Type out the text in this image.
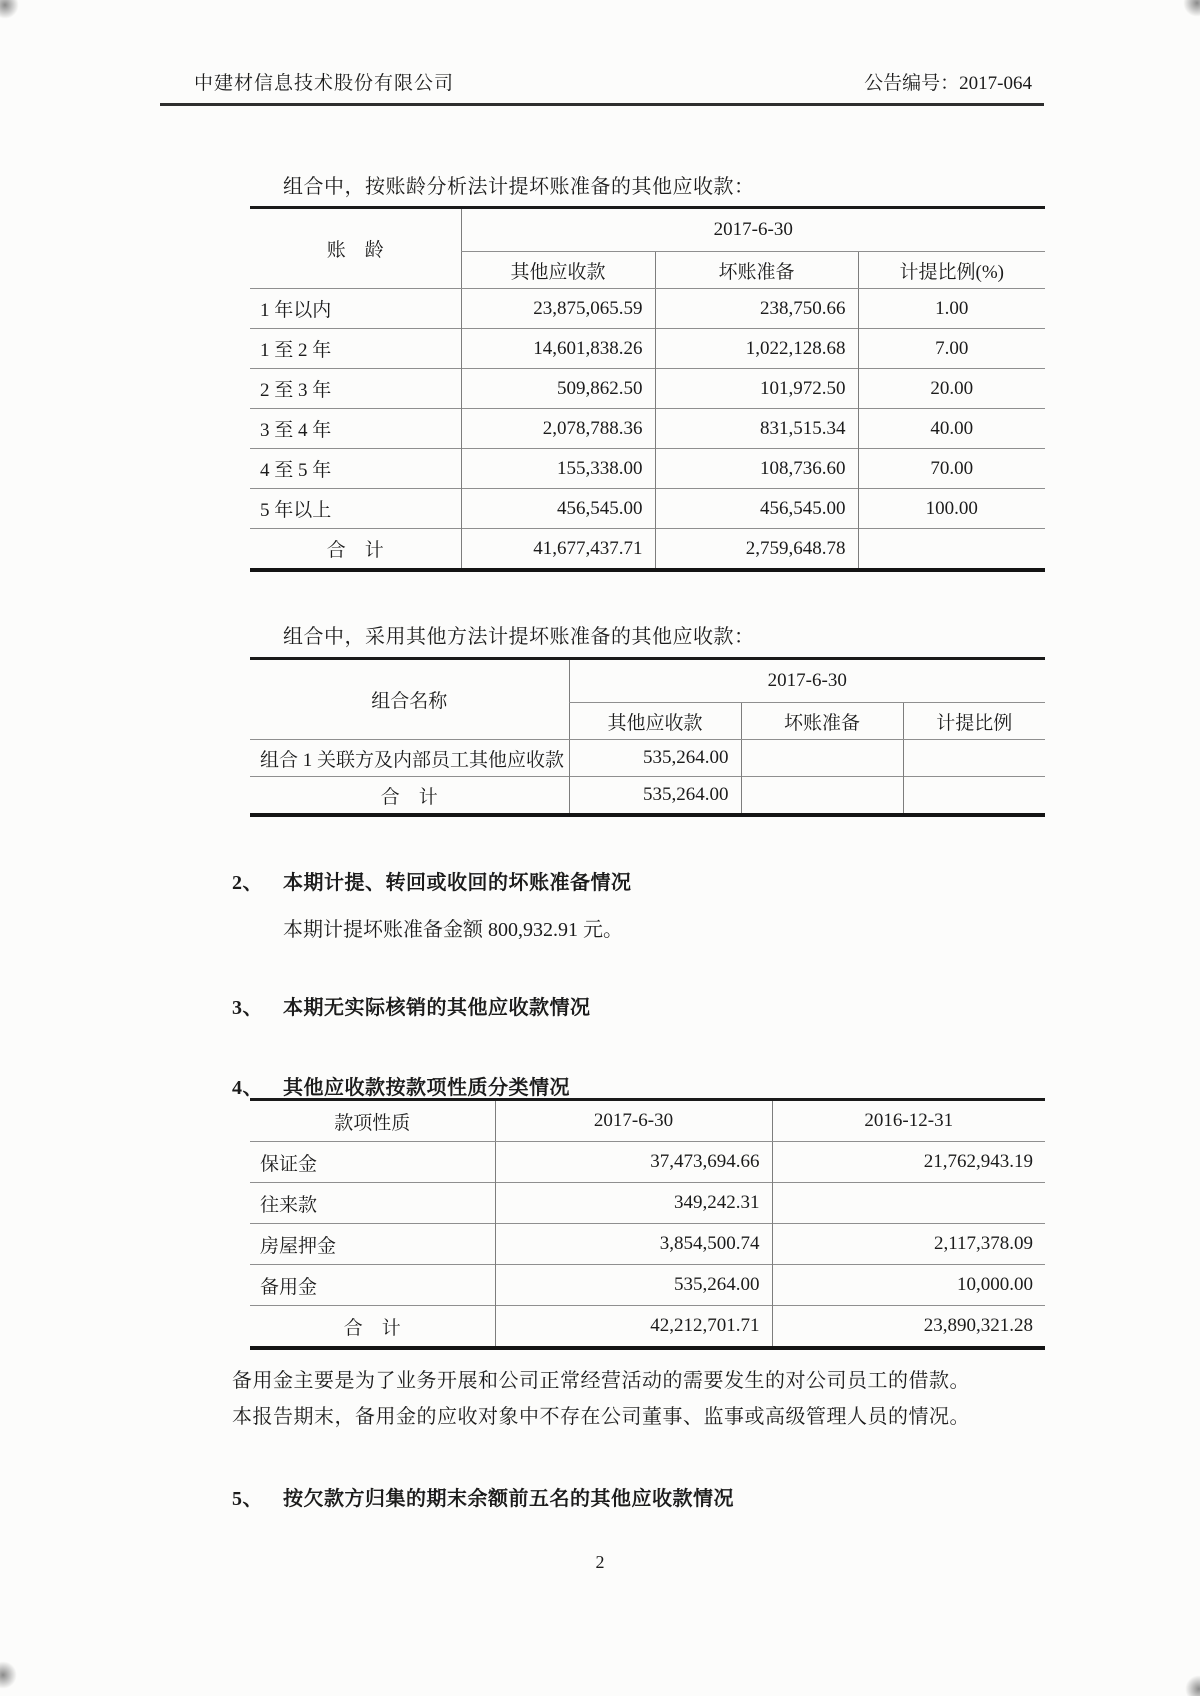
中建材信息技术股份有限公司	公告编号：2017-064
组合中，按账龄分析法计提坏账准备的其他应收款：
账　龄	2017-6-30		
	其他应收款	坏账准备	计提比例(%)
1 年以内	23,875,065.59	238,750.66	1.00
1 至 2 年	14,601,838.26	1,022,128.68	7.00
2 至 3 年	509,862.50	101,972.50	20.00
3 至 4 年	2,078,788.36	831,515.34	40.00
4 至 5 年	155,338.00	108,736.60	70.00
5 年以上	456,545.00	456,545.00	100.00
合　计	41,677,437.71	2,759,648.78	
组合中，采用其他方法计提坏账准备的其他应收款：
组合名称	2017-6-30		
	其他应收款	坏账准备	计提比例
组合 1 关联方及内部员工其他应收款	535,264.00		
合　计	535,264.00		
2、 本期计提、转回或收回的坏账准备情况
本期计提坏账准备金额 800,932.91 元。
3、 本期无实际核销的其他应收款情况
4、 其他应收款按款项性质分类情况
款项性质	2017-6-30	2016-12-31
保证金	37,473,694.66	21,762,943.19
往来款	349,242.31	
房屋押金	3,854,500.74	2,117,378.09
备用金	535,264.00	10,000.00
合　计	42,212,701.71	23,890,321.28
备用金主要是为了业务开展和公司正常经营活动的需要发生的对公司员工的借款。
本报告期末，备用金的应收对象中不存在公司董事、监事或高级管理人员的情况。
5、 按欠款方归集的期末余额前五名的其他应收款情况
2
